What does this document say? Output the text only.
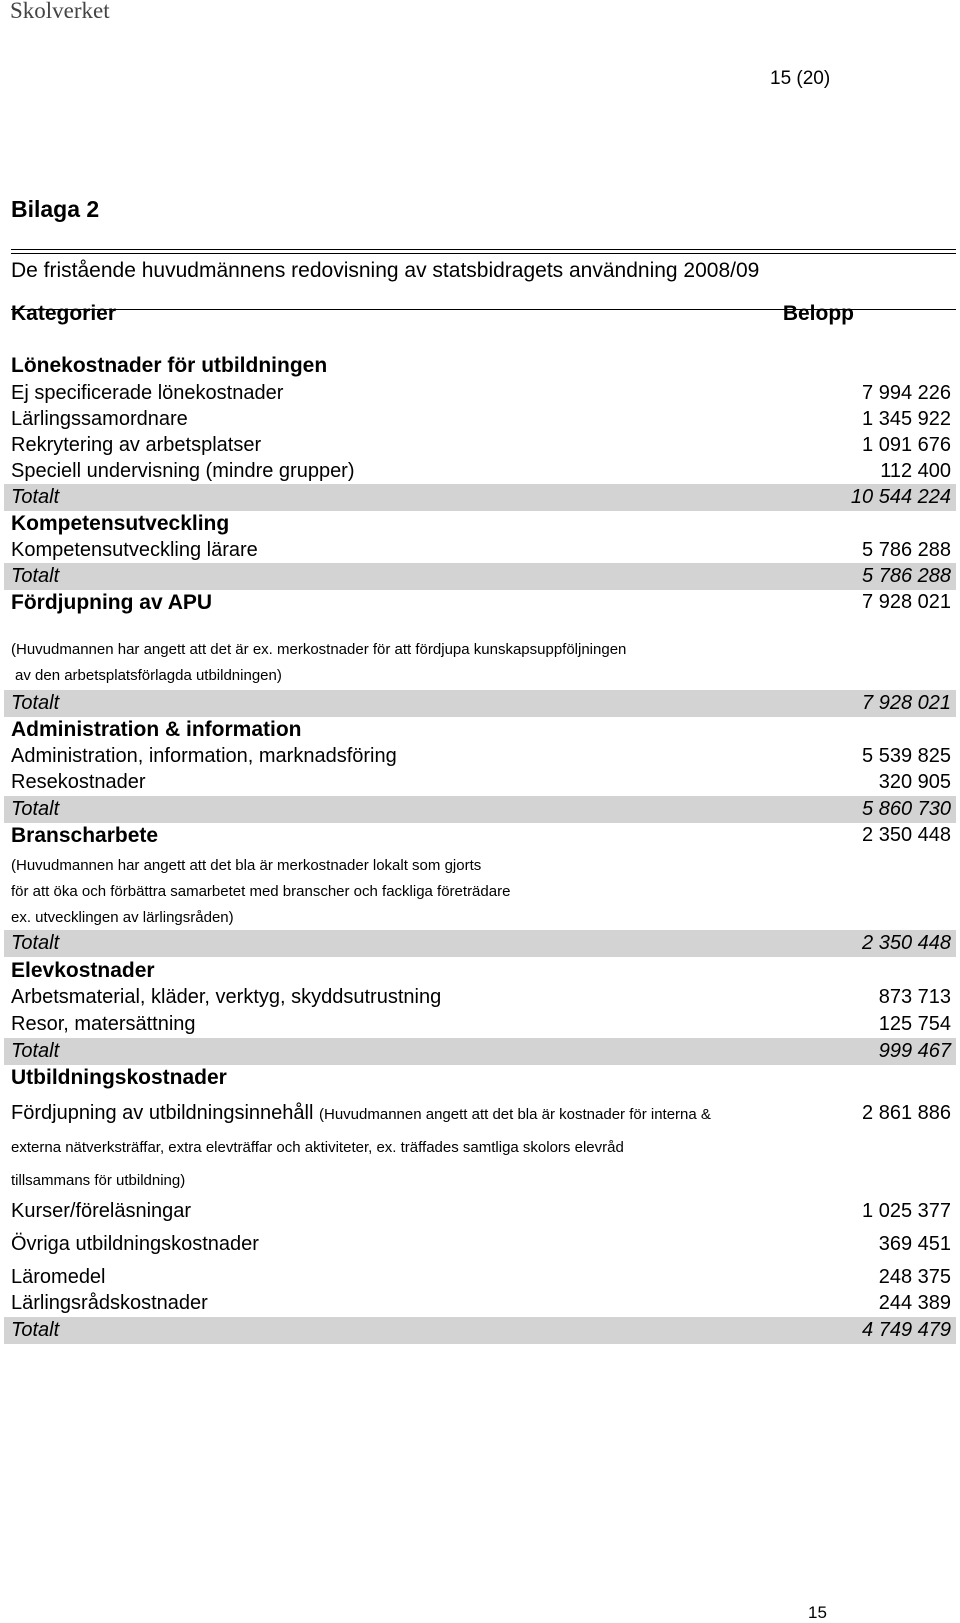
Skolverket
15 (20)
Bilaga 2
De fristående huvudmännens redovisning av statsbidragets användning 2008/09
Kategorier	Belopp
Lönekostnader för utbildningen
Ej specificerade lönekostnader	7 994 226
Lärlingssamordnare	1 345 922
Rekrytering av arbetsplatser	1 091 676
Speciell undervisning (mindre grupper)	112 400
Totalt	10 544 224
Kompetensutveckling
Kompetensutveckling lärare	5 786 288
Totalt	5 786 288
Fördjupning av APU	7 928 021
(Huvudmannen har angett att det är ex. merkostnader för att fördjupa kunskapsuppföljningen
av den arbetsplatsförlagda utbildningen)
Totalt	7 928 021
Administration & information
Administration, information, marknadsföring	5 539 825
Resekostnader	320 905
Totalt	5 860 730
Branscharbete	2 350 448
(Huvudmannen har angett att det bla är merkostnader lokalt som gjorts
för att öka och förbättra samarbetet med branscher och fackliga företrädare
ex. utvecklingen av lärlingsråden)
Totalt	2 350 448
Elevkostnader
Arbetsmaterial, kläder, verktyg, skyddsutrustning	873 713
Resor, matersättning	125 754
Totalt	999 467
Utbildningskostnader
Fördjupning av utbildningsinnehåll (Huvudmannen angett att det bla är kostnader för interna &	2 861 886
externa nätverksträffar, extra elevträffar och aktiviteter, ex. träffades samtliga skolors elevråd
tillsammans för utbildning)
Kurser/föreläsningar	1 025 377
Övriga utbildningskostnader	369 451
Läromedel	248 375
Lärlingsrådskostnader	244 389
Totalt	4 749 479
15
